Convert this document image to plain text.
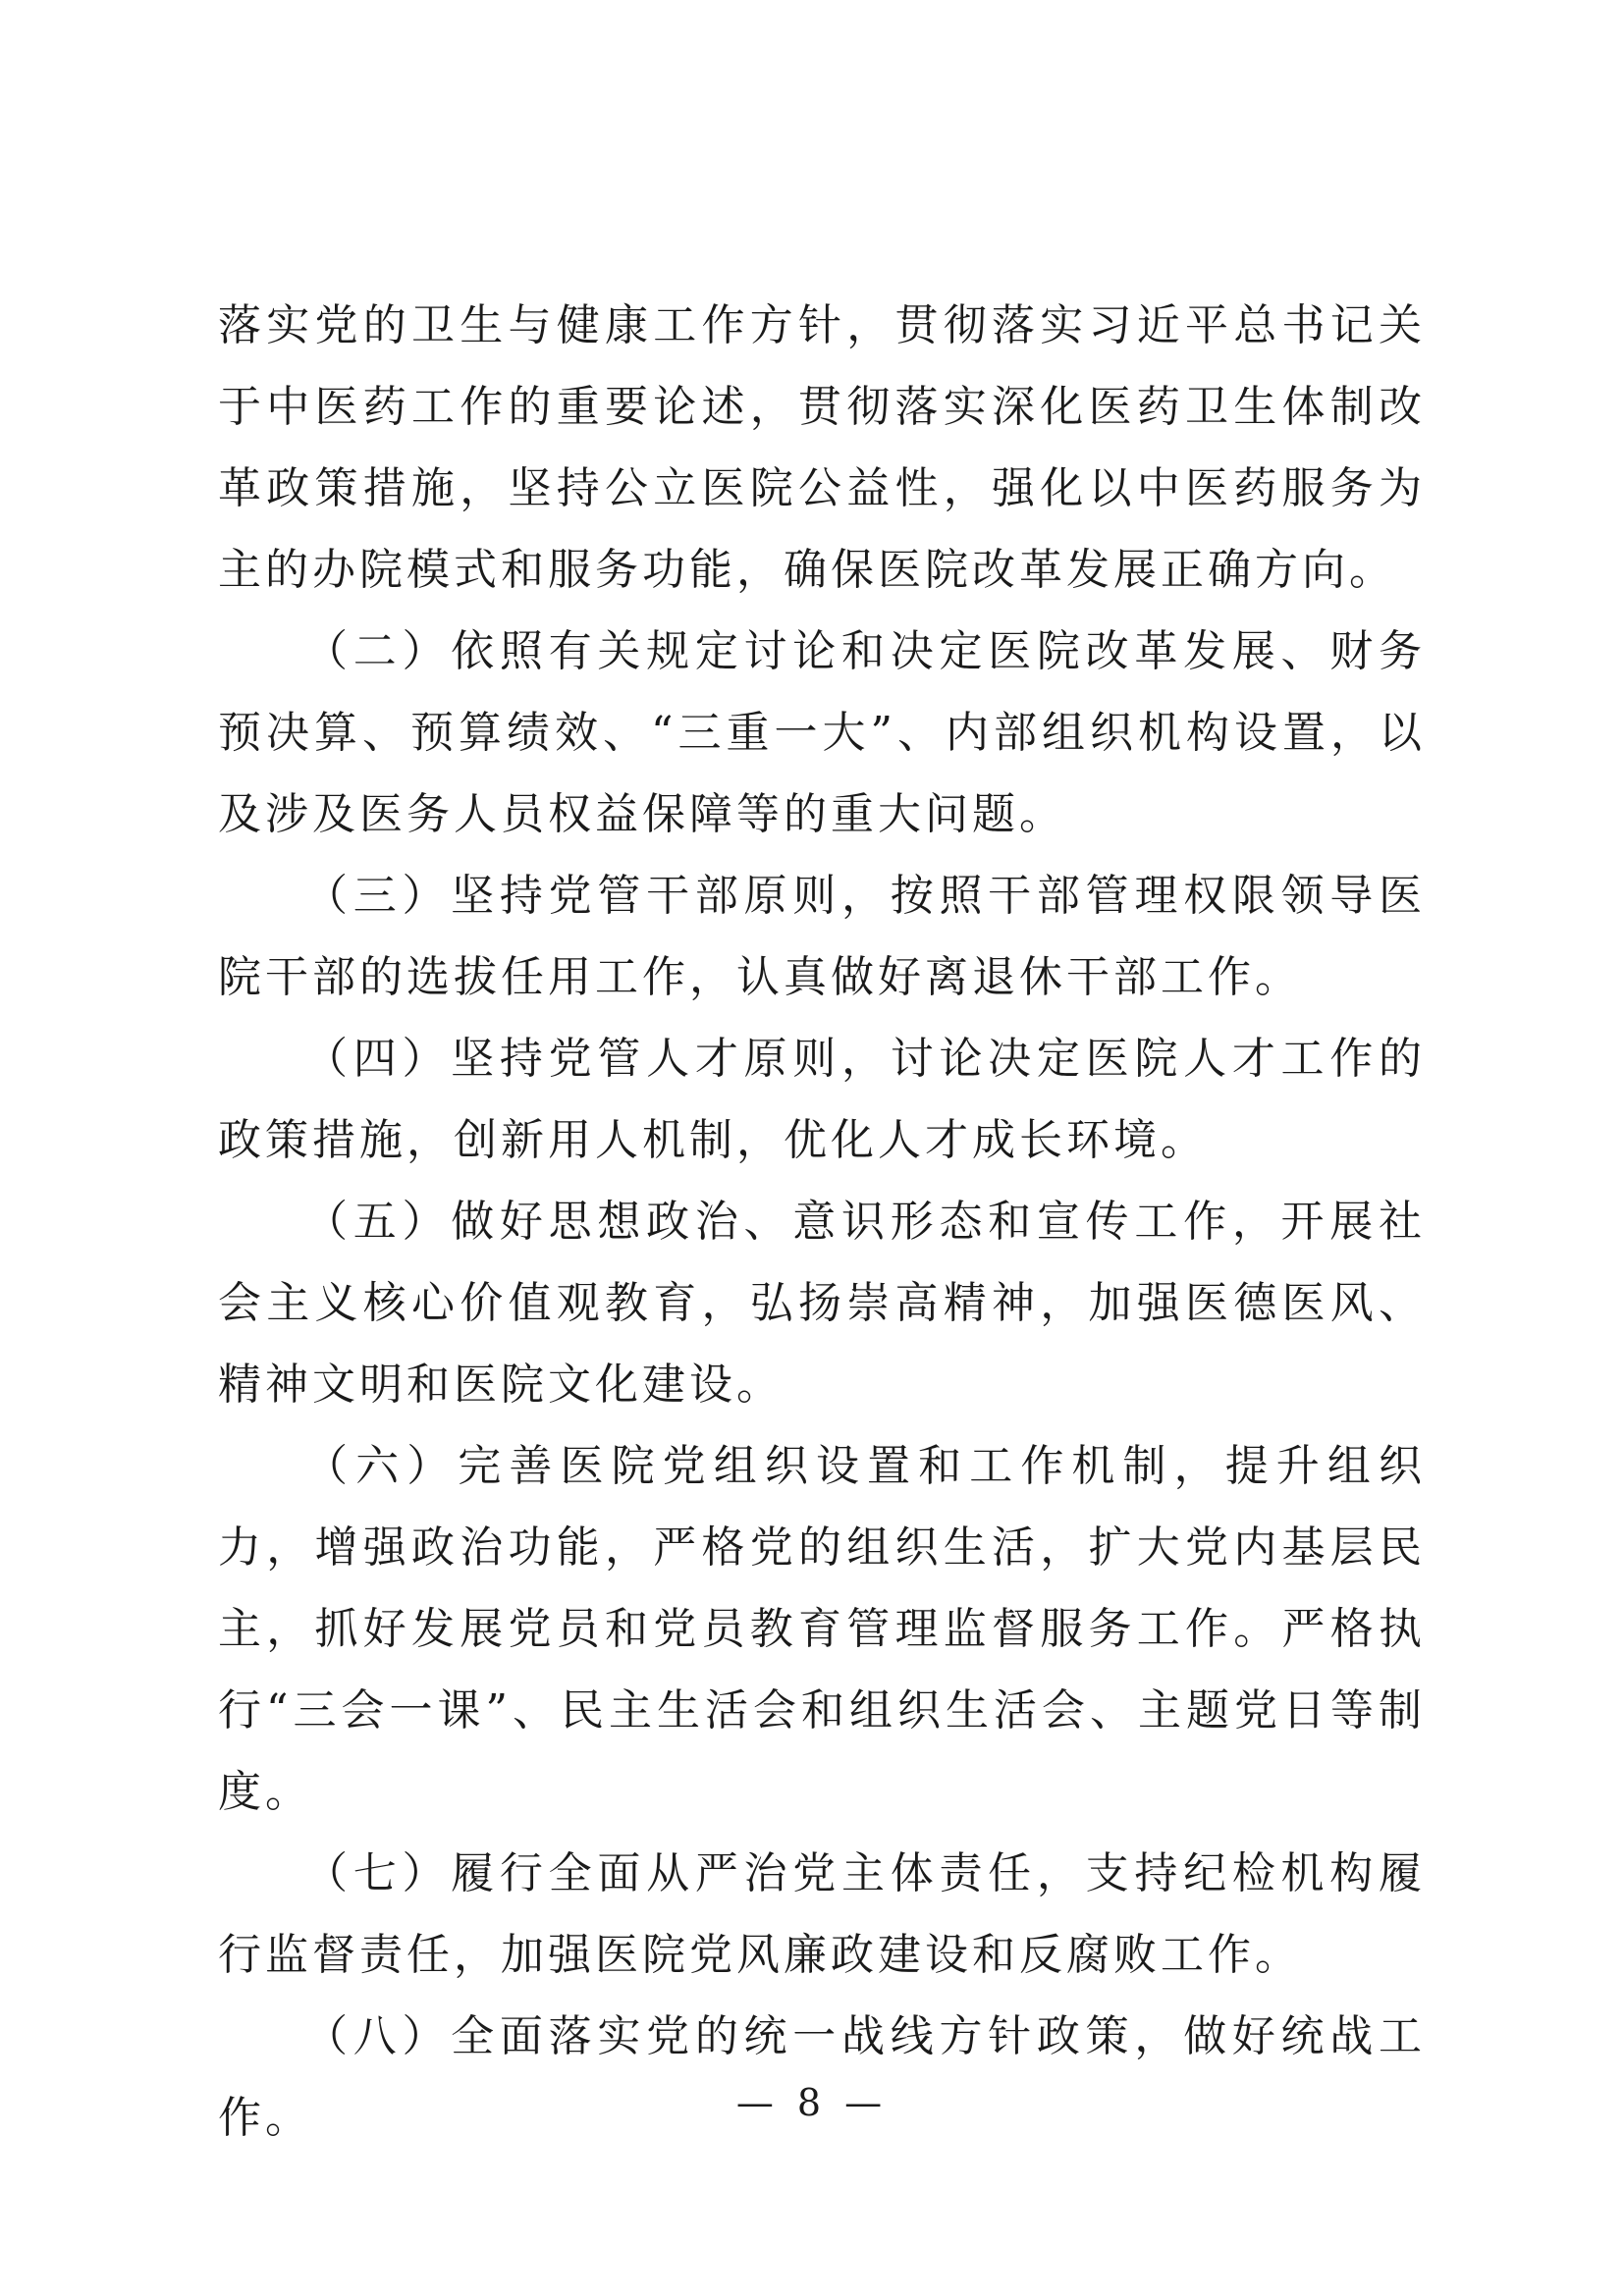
落实党的卫生与健康工作方针，贯彻落实习近平总书记关于中医药工作的重要论述，贯彻落实深化医药卫生体制改革政策措施，坚持公立医院公益性，强化以中医药服务为主的办院模式和服务功能，确保医院改革发展正确方向。

（二）依照有关规定讨论和决定医院改革发展、财务预决算、预算绩效、“三重一大”、内部组织机构设置，以及涉及医务人员权益保障等的重大问题。

（三）坚持党管干部原则，按照干部管理权限领导医院干部的选拔任用工作，认真做好离退休干部工作。

（四）坚持党管人才原则，讨论决定医院人才工作的政策措施，创新用人机制，优化人才成长环境。

（五）做好思想政治、意识形态和宣传工作，开展社会主义核心价值观教育，弘扬崇高精神，加强医德医风、精神文明和医院文化建设。

（六）完善医院党组织设置和工作机制，提升组织力，增强政治功能，严格党的组织生活，扩大党内基层民主，抓好发展党员和党员教育管理监督服务工作。严格执行“三会一课”、民主生活会和组织生活会、主题党日等制度。

（七）履行全面从严治党主体责任，支持纪检机构履行监督责任，加强医院党风廉政建设和反腐败工作。

（八）全面落实党的统一战线方针政策，做好统战工作。	— 8 —
